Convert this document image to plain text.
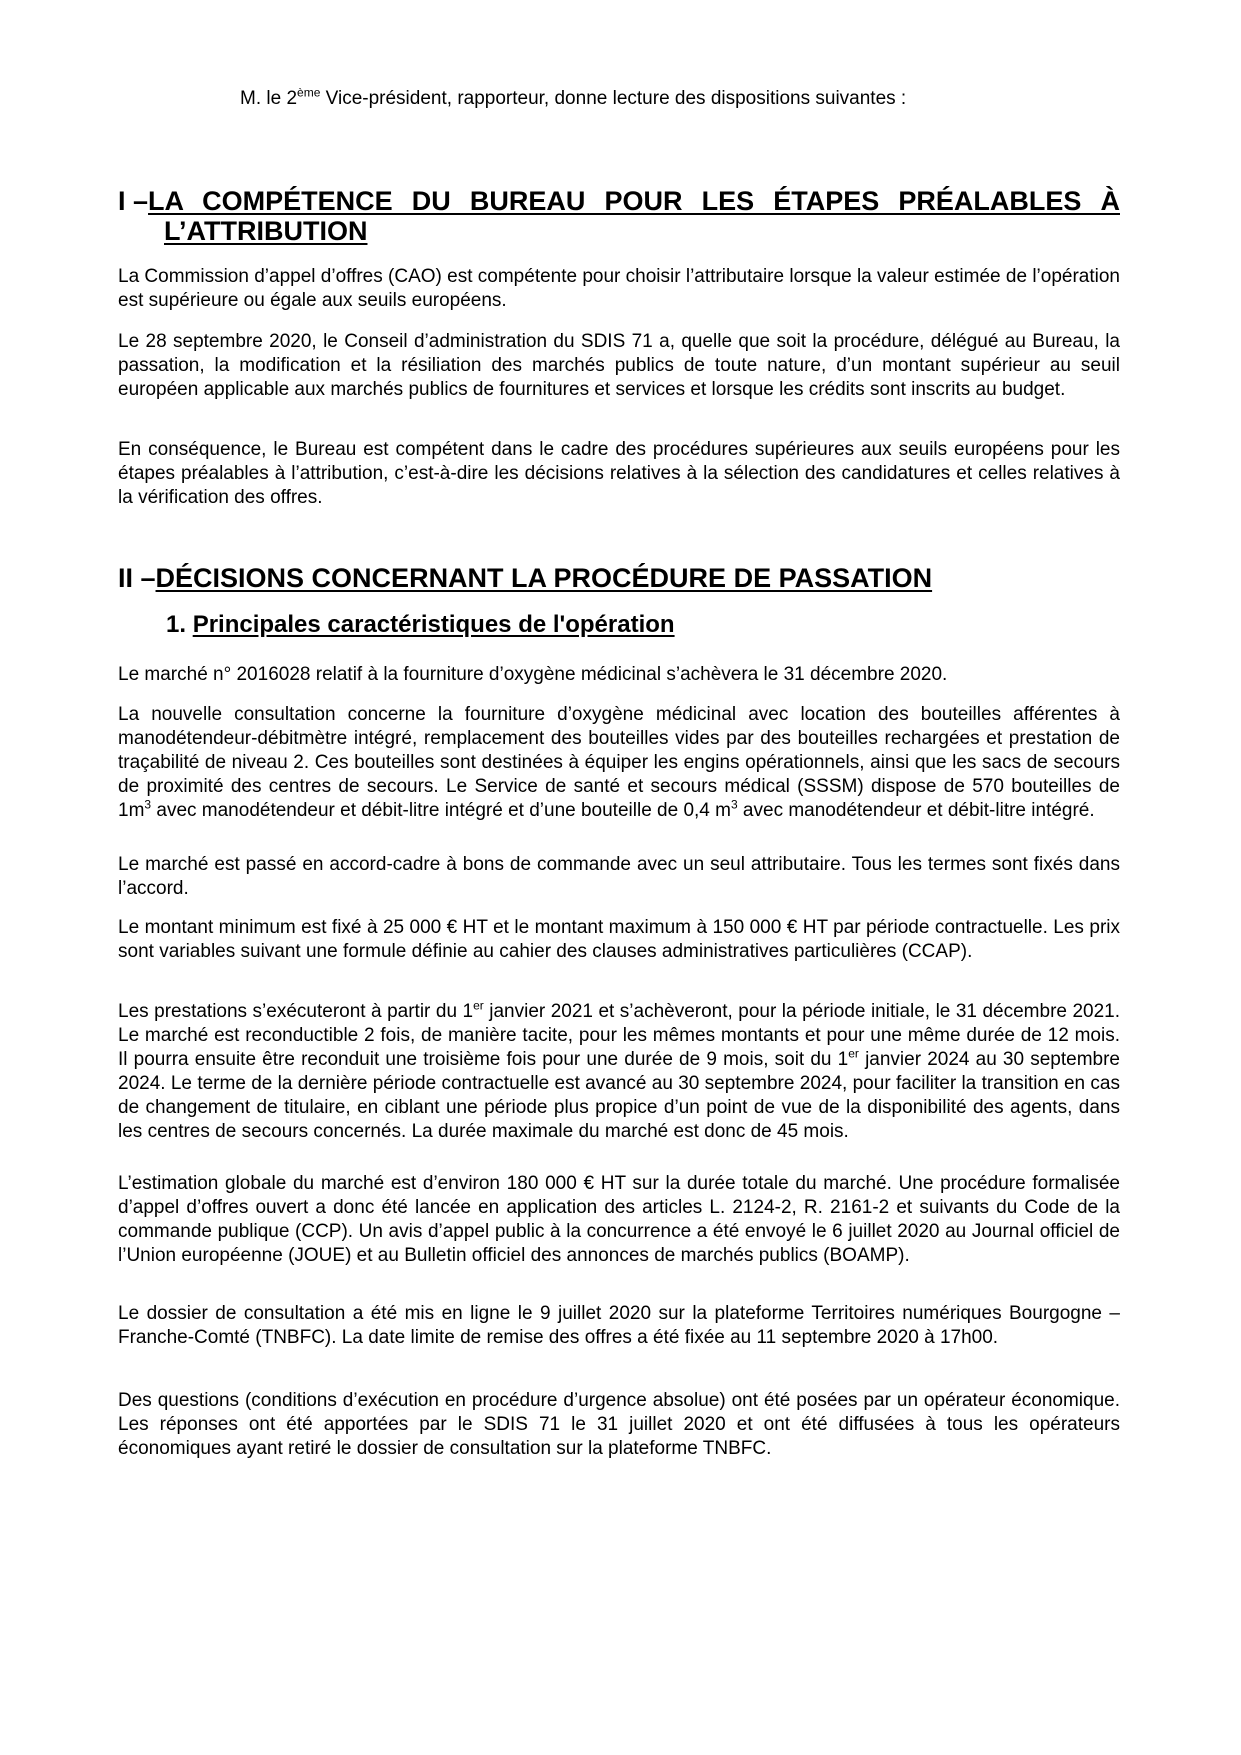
M. le 2ème Vice-président, rapporteur, donne lecture des dispositions suivantes :
I –LA COMPÉTENCE DU BUREAU POUR LES ÉTAPES PRÉALABLES À
L’ATTRIBUTION
La Commission d’appel d’offres (CAO) est compétente pour choisir l’attributaire lorsque la valeur estimée de l’opération est supérieure ou égale aux seuils européens.
Le 28 septembre 2020, le Conseil d’administration du SDIS 71 a, quelle que soit la procédure, délégué au Bureau, la passation, la modification et la résiliation des marchés publics de toute nature, d’un montant supérieur au seuil européen applicable aux marchés publics de fournitures et services et lorsque les crédits sont inscrits au budget.
En conséquence, le Bureau est compétent dans le cadre des procédures supérieures aux seuils européens pour les étapes préalables à l’attribution, c’est-à-dire les décisions relatives à la sélection des candidatures et celles relatives à la vérification des offres.
II –DÉCISIONS CONCERNANT LA PROCÉDURE DE PASSATION
1. Principales caractéristiques de l'opération
Le marché n° 2016028 relatif à la fourniture d’oxygène médicinal s’achèvera le 31 décembre 2020.
La nouvelle consultation concerne la fourniture d’oxygène médicinal avec location des bouteilles afférentes à manodétendeur-débitmètre intégré, remplacement des bouteilles vides par des bouteilles rechargées et prestation de traçabilité de niveau 2. Ces bouteilles sont destinées à équiper les engins opérationnels, ainsi que les sacs de secours de proximité des centres de secours. Le Service de santé et secours médical (SSSM) dispose de 570 bouteilles de $1m^3$ avec manodétendeur et débit-litre intégré et d’une bouteille de 0,4 $m^3$ avec manodétendeur et débit-litre intégré.
Le marché est passé en accord-cadre à bons de commande avec un seul attributaire. Tous les termes sont fixés dans l’accord.
Le montant minimum est fixé à 25 000 € HT et le montant maximum à 150 000 € HT par période contractuelle. Les prix sont variables suivant une formule définie au cahier des clauses administratives particulières (CCAP).
Les prestations s’exécuteront à partir du 1er janvier 2021 et s’achèveront, pour la période initiale, le 31 décembre 2021. Le marché est reconductible 2 fois, de manière tacite, pour les mêmes montants et pour une même durée de 12 mois. Il pourra ensuite être reconduit une troisième fois pour une durée de 9 mois, soit du 1er janvier 2024 au 30 septembre 2024. Le terme de la dernière période contractuelle est avancé au 30 septembre 2024, pour faciliter la transition en cas de changement de titulaire, en ciblant une période plus propice d’un point de vue de la disponibilité des agents, dans les centres de secours concernés. La durée maximale du marché est donc de 45 mois.
L’estimation globale du marché est d’environ 180 000 € HT sur la durée totale du marché. Une procédure formalisée d’appel d’offres ouvert a donc été lancée en application des articles L. 2124-2, R. 2161-2 et suivants du Code de la commande publique (CCP). Un avis d’appel public à la concurrence a été envoyé le 6 juillet 2020 au Journal officiel de l’Union européenne (JOUE) et au Bulletin officiel des annonces de marchés publics (BOAMP).
Le dossier de consultation a été mis en ligne le 9 juillet 2020 sur la plateforme Territoires numériques Bourgogne – Franche-Comté (TNBFC). La date limite de remise des offres a été fixée au 11 septembre 2020 à 17h00.
Des questions (conditions d’exécution en procédure d’urgence absolue) ont été posées par un opérateur économique. Les réponses ont été apportées par le SDIS 71 le 31 juillet 2020 et ont été diffusées à tous les opérateurs économiques ayant retiré le dossier de consultation sur la plateforme TNBFC.
